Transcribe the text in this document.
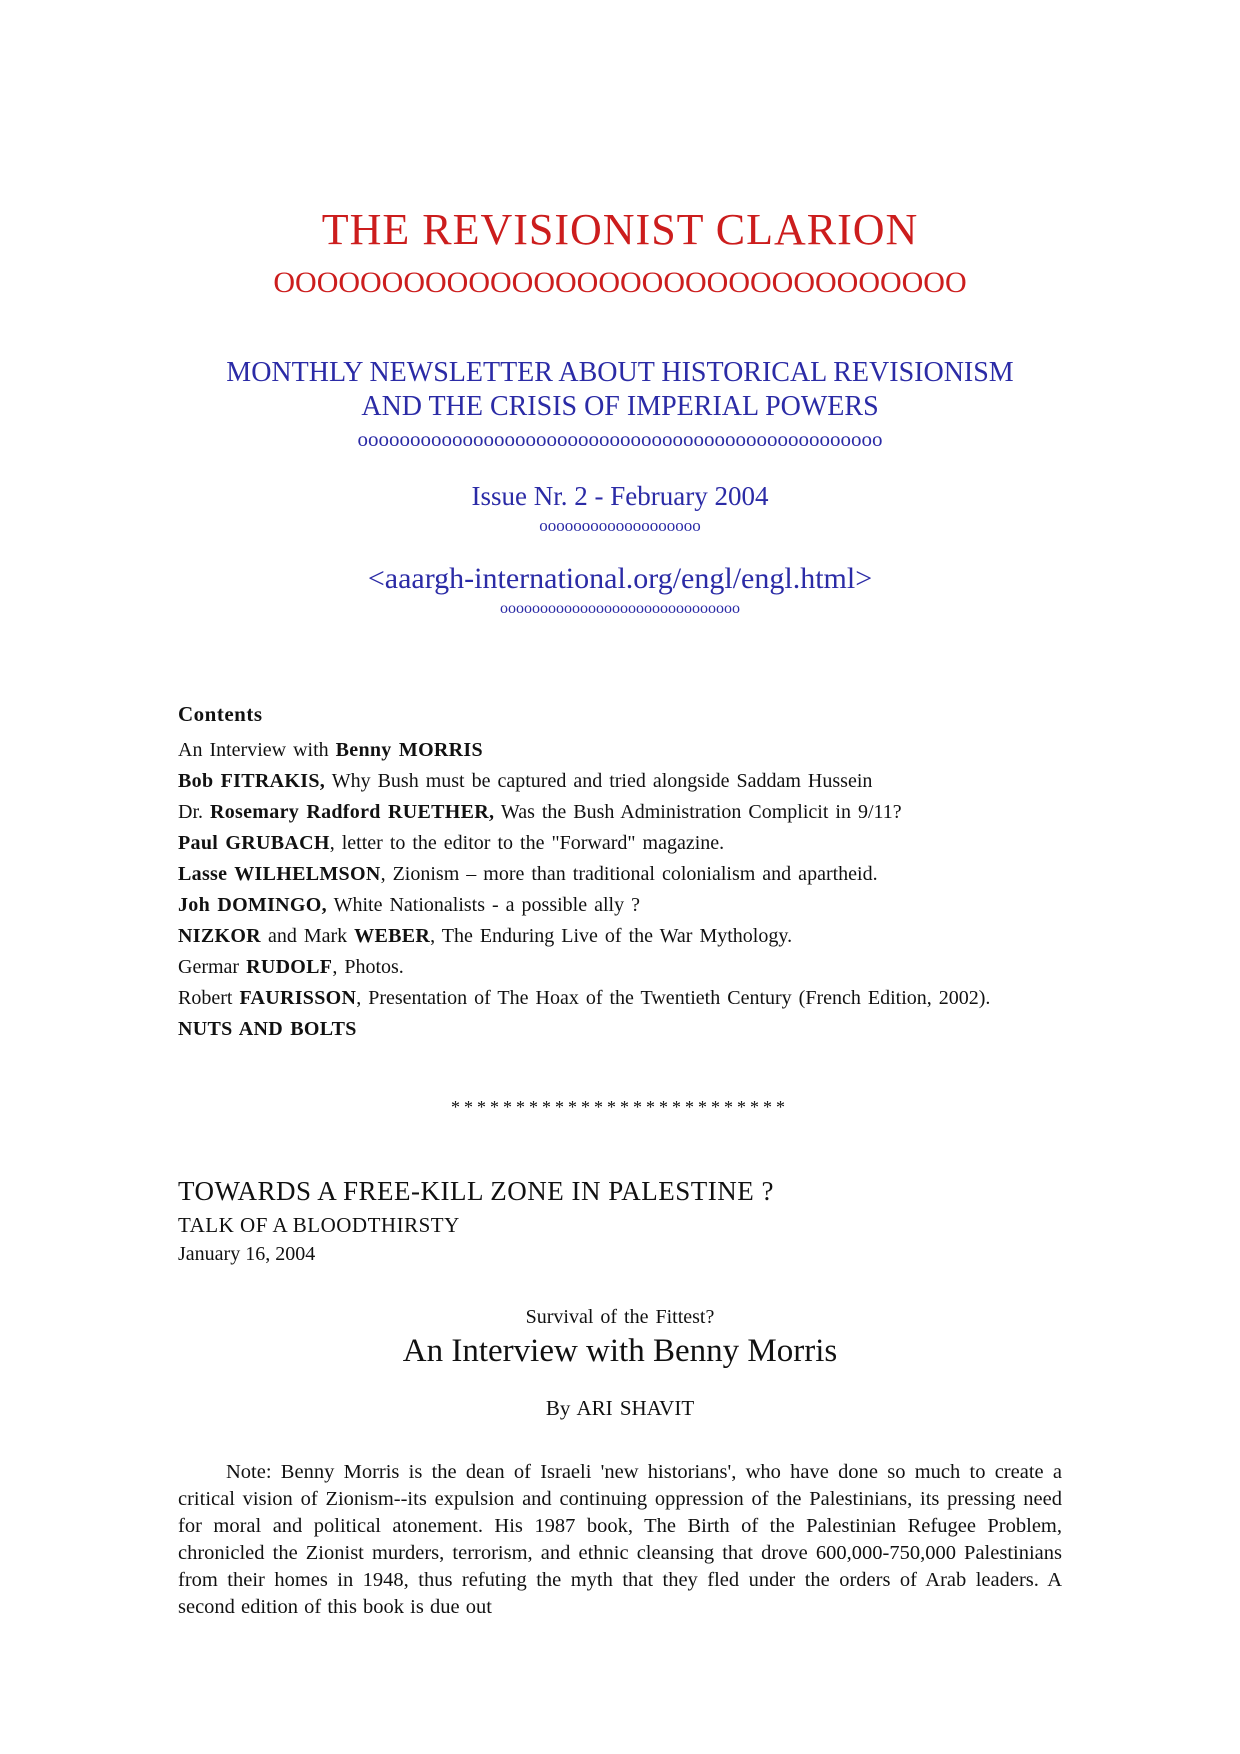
THE REVISIONIST CLARION
OOOOOOOOOOOOOOOOOOOOOOOOOOOOOOOO
MONTHLY NEWSLETTER ABOUT HISTORICAL REVISIONISM
AND THE CRISIS OF IMPERIAL POWERS
oooooooooooooooooooooooooooooooooooooooooooooooooo
Issue Nr. 2 - February 2004
ooooooooooooooooooo
<aaargh-international.org/engl/engl.html>
oooooooooooooooooooooooooooooo
Contents
An Interview with Benny MORRIS
Bob FITRAKIS, Why Bush must be captured and tried alongside Saddam Hussein
Dr. Rosemary Radford RUETHER, Was the Bush Administration Complicit in 9/11?
Paul GRUBACH, letter to the editor to the "Forward" magazine.
Lasse WILHELMSON, Zionism – more than traditional colonialism and apartheid.
Joh DOMINGO, White Nationalists - a possible ally ?
NIZKOR and Mark WEBER, The Enduring Live of the War Mythology.
Germar RUDOLF, Photos.
Robert FAURISSON, Presentation of The Hoax of the Twentieth Century (French Edition, 2002).
NUTS AND BOLTS
**************************
TOWARDS A FREE-KILL ZONE IN PALESTINE ?
TALK OF A BLOODTHIRSTY
January 16, 2004
Survival of the Fittest?
An Interview with Benny Morris
By ARI SHAVIT

Note: Benny Morris is the dean of Israeli 'new historians', who have done so much to create a critical vision of Zionism--its expulsion and continuing oppression of the Palestinians, its pressing need for moral and political atonement. His 1987 book, The Birth of the Palestinian Refugee Problem, chronicled the Zionist murders, terrorism, and ethnic cleansing that drove 600,000-750,000 Palestinians from their homes in 1948, thus refuting the myth that they fled under the orders of Arab leaders. A second edition of this book is due out
